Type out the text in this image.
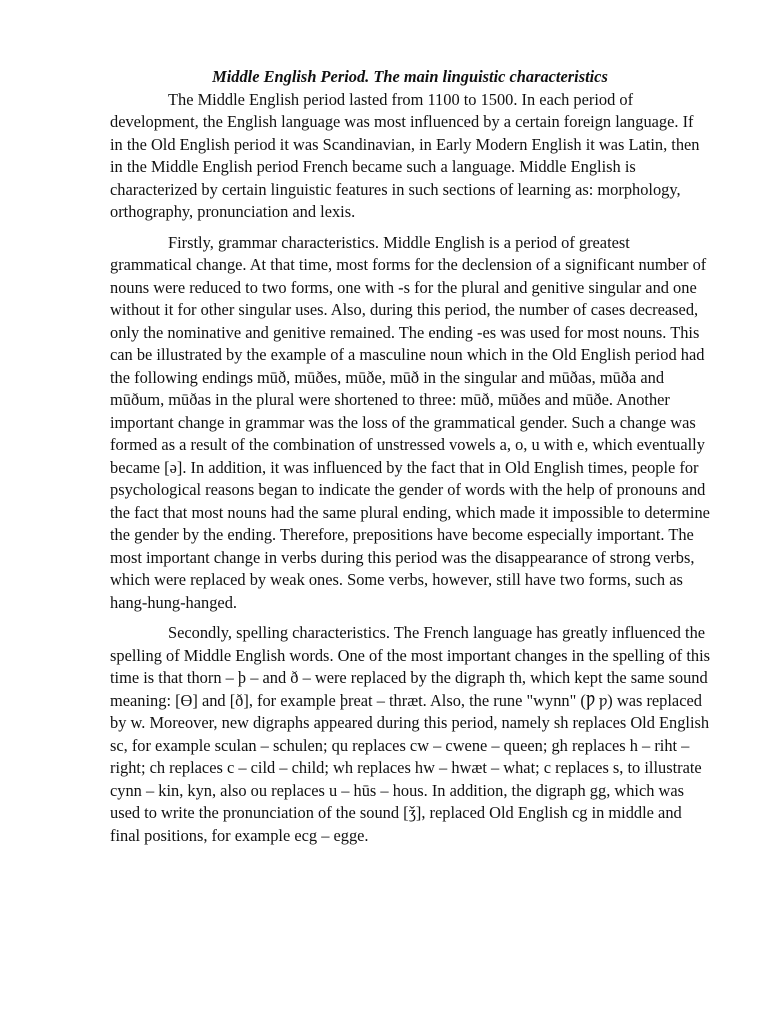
Middle English Period. The main linguistic characteristics

The Middle English period lasted from 1100 to 1500. In each period of development, the English language was most influenced by a certain foreign language. If in the Old English period it was Scandinavian, in Early Modern English it was Latin, then in the Middle English period French became such a language. Middle English is characterized by certain linguistic features in such sections of learning as: morphology, orthography, pronunciation and lexis.

Firstly, grammar characteristics. Middle English is a period of greatest grammatical change. At that time, most forms for the declension of a significant number of nouns were reduced to two forms, one with -s for the plural and genitive singular and one without it for other singular uses. Also, during this period, the number of cases decreased, only the nominative and genitive remained. The ending -es was used for most nouns. This can be illustrated by the example of a masculine noun which in the Old English period had the following endings mūð, mūðes, mūðe, mūð in the singular and mūðas, mūða and mūðum, mūðas in the plural were shortened to three: mūð, mūðes and mūðe. Another important change in grammar was the loss of the grammatical gender. Such a change was formed as a result of the combination of unstressed vowels a, o, u with e, which eventually became [ə]. In addition, it was influenced by the fact that in Old English times, people for psychological reasons began to indicate the gender of words with the help of pronouns and the fact that most nouns had the same plural ending, which made it impossible to determine the gender by the ending. Therefore, prepositions have become especially important. The most important change in verbs during this period was the disappearance of strong verbs, which were replaced by weak ones. Some verbs, however, still have two forms, such as hang-hung-hanged.

Secondly, spelling characteristics. The French language has greatly influenced the spelling of Middle English words. One of the most important changes in the spelling of this time is that thorn – þ – and ð – were replaced by the digraph th, which kept the same sound meaning: [Ө] and [ð], for example þreat – thræt. Also, the rune "wynn" (Ƿ ƿ) was replaced by w. Moreover, new digraphs appeared during this period, namely sh replaces Old English sc, for example sculan – schulen; qu replaces cw – cwene – queen; gh replaces h – riht – right; ch replaces c – cild – child; wh replaces hw – hwæt – what; c replaces s, to illustrate cynn – kin, kyn, also ou replaces u – hūs – hous. In addition, the digraph gg, which was used to write the pronunciation of the sound [ǯ], replaced Old English cg in middle and final positions, for example ecg – egge.
